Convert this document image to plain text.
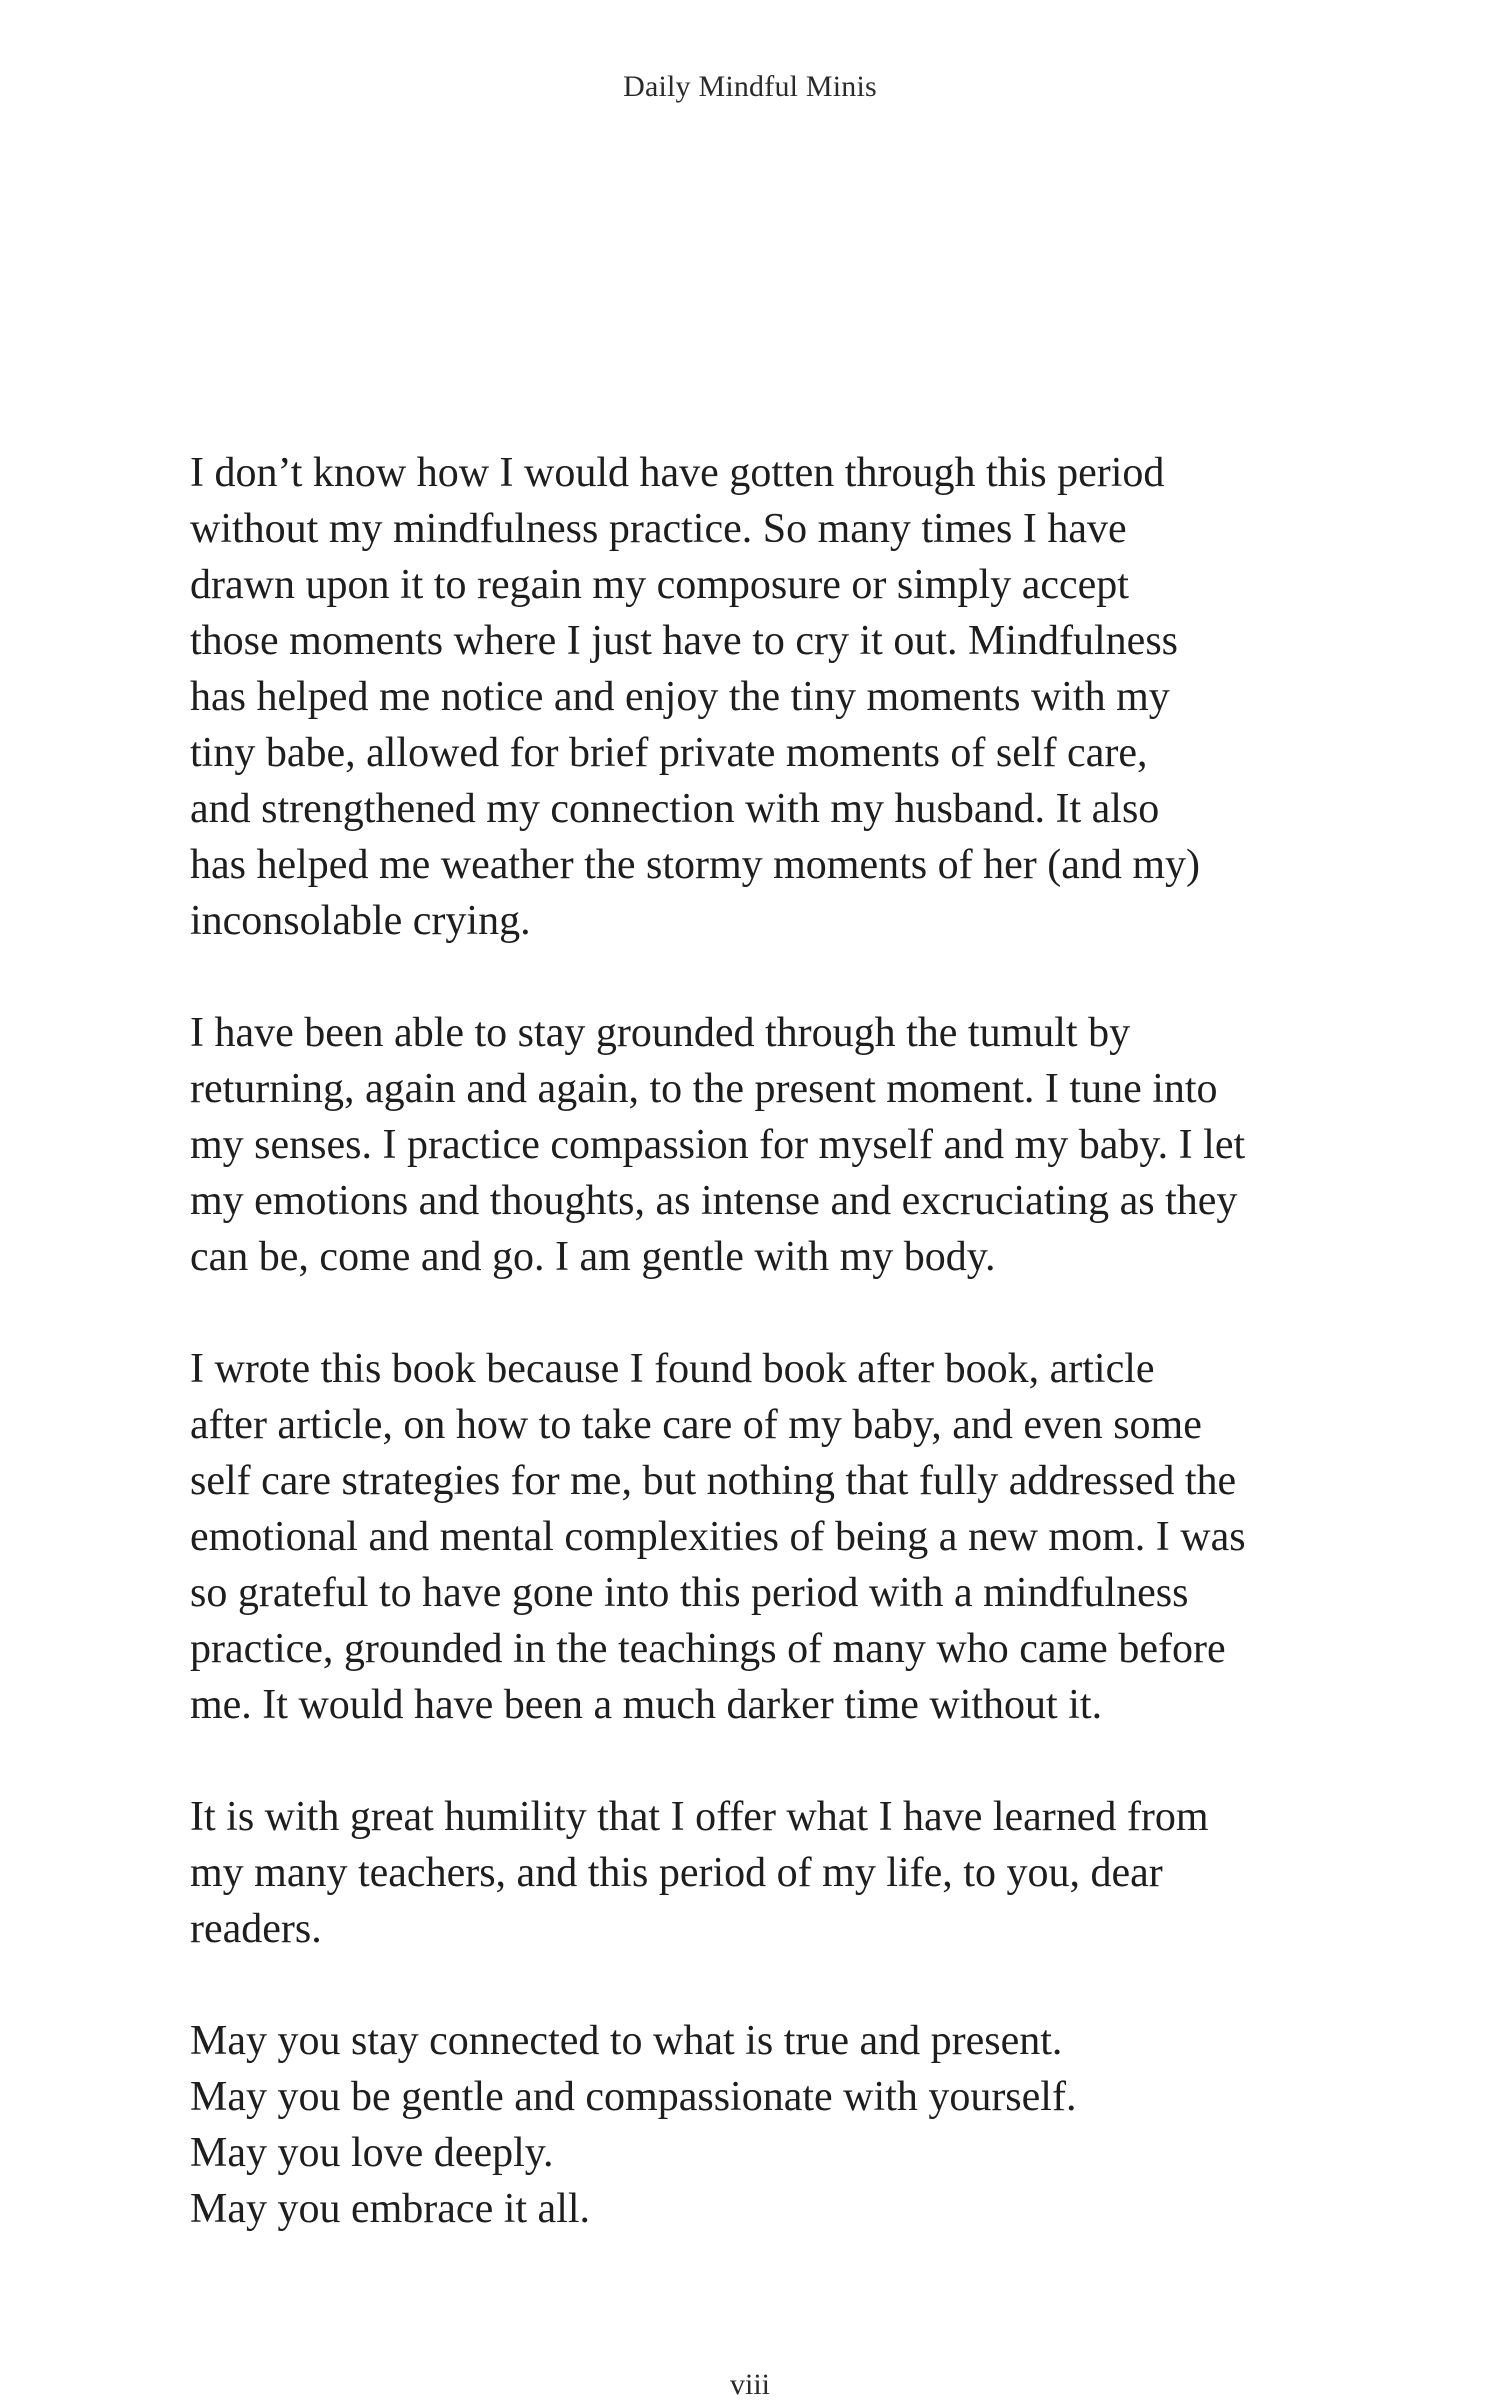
Daily Mindful Minis

I don’t know how I would have gotten through this period
without my mindfulness practice. So many times I have
drawn upon it to regain my composure or simply accept
those moments where I just have to cry it out. Mindfulness
has helped me notice and enjoy the tiny moments with my
tiny babe, allowed for brief private moments of self care,
and strengthened my connection with my husband. It also
has helped me weather the stormy moments of her (and my)
inconsolable crying.

I have been able to stay grounded through the tumult by
returning, again and again, to the present moment. I tune into
my senses. I practice compassion for myself and my baby. I let
my emotions and thoughts, as intense and excruciating as they
can be, come and go. I am gentle with my body.

I wrote this book because I found book after book, article
after article, on how to take care of my baby, and even some
self care strategies for me, but nothing that fully addressed the
emotional and mental complexities of being a new mom. I was
so grateful to have gone into this period with a mindfulness
practice, grounded in the teachings of many who came before
me. It would have been a much darker time without it.

It is with great humility that I offer what I have learned from
my many teachers, and this period of my life, to you, dear
readers.

May you stay connected to what is true and present.
May you be gentle and compassionate with yourself.
May you love deeply.
May you embrace it all.
viii
